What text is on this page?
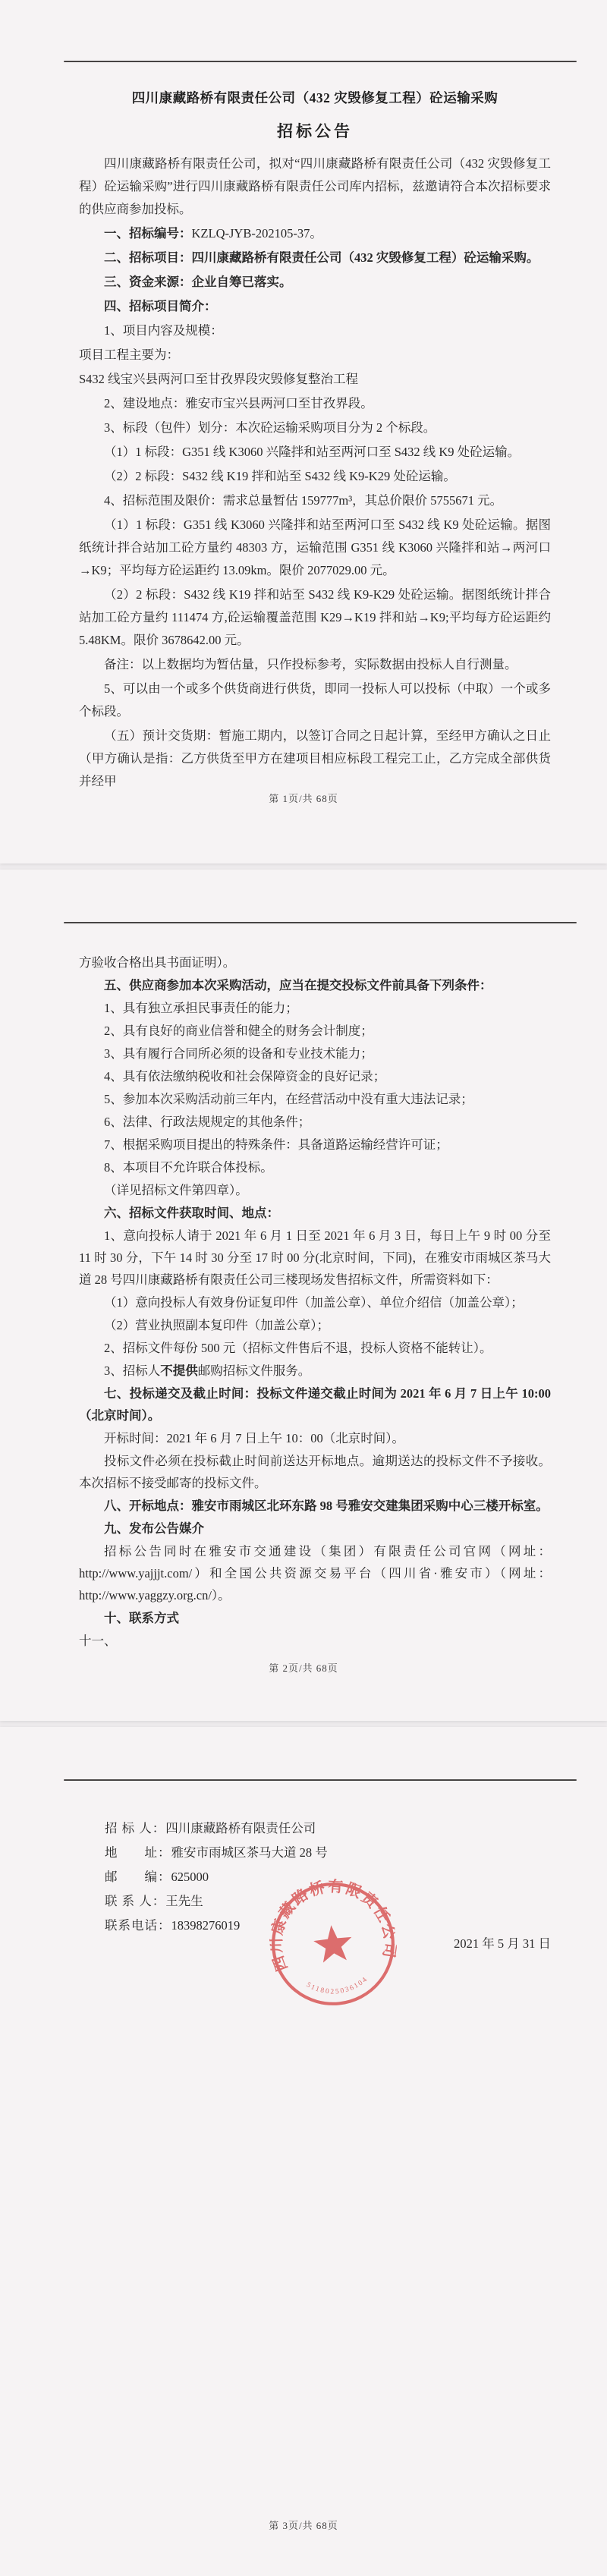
四川康藏路桥有限责任公司（432 灾毁修复工程）砼运输采购
招标公告

四川康藏路桥有限责任公司，拟对“四川康藏路桥有限责任公司（432 灾毁修复工程）砼运输采购”进行四川康藏路桥有限责任公司库内招标，兹邀请符合本次招标要求的供应商参加投标。

一、招标编号：KZLQ-JYB-202105-37。

二、招标项目：四川康藏路桥有限责任公司（432 灾毁修复工程）砼运输采购。

三、资金来源：企业自筹已落实。

四、招标项目简介：

1、项目内容及规模：

项目工程主要为：

S432 线宝兴县两河口至甘孜界段灾毁修复整治工程

2、建设地点：雅安市宝兴县两河口至甘孜界段。

3、标段（包件）划分：本次砼运输采购项目分为 2 个标段。

（1）1 标段：G351 线 K3060 兴隆拌和站至两河口至 S432 线 K9 处砼运输。

（2）2 标段：S432 线 K19 拌和站至 S432 线 K9-K29 处砼运输。

4、招标范围及限价：需求总量暂估 159777m³，其总价限价 5755671 元。

（1）1 标段：G351 线 K3060 兴隆拌和站至两河口至 S432 线 K9 处砼运输。据图纸统计拌合站加工砼方量约 48303 方，运输范围 G351 线 K3060 兴隆拌和站→两河口→K9；平均每方砼运距约 13.09km。限价 2077029.00 元。

（2）2 标段：S432 线 K19 拌和站至 S432 线 K9-K29 处砼运输。据图纸统计拌合站加工砼方量约 111474 方,砼运输覆盖范围 K29→K19 拌和站→K9;平均每方砼运距约 5.48KM。限价 3678642.00 元。

备注：以上数据均为暂估量，只作投标参考，实际数据由投标人自行测量。

5、可以由一个或多个供货商进行供货，即同一投标人可以投标（中取）一个或多个标段。

（五）预计交货期：暂施工期内，以签订合同之日起计算，至经甲方确认之日止（甲方确认是指：乙方供货至甲方在建项目相应标段工程完工止，乙方完成全部供货并经甲

第 1页/共 68页

方验收合格出具书面证明）。

五、供应商参加本次采购活动，应当在提交投标文件前具备下列条件：

1、具有独立承担民事责任的能力；

2、具有良好的商业信誉和健全的财务会计制度；

3、具有履行合同所必须的设备和专业技术能力；

4、具有依法缴纳税收和社会保障资金的良好记录；

5、参加本次采购活动前三年内，在经营活动中没有重大违法记录；

6、法律、行政法规规定的其他条件；

7、根据采购项目提出的特殊条件：具备道路运输经营许可证；

8、本项目不允许联合体投标。

（详见招标文件第四章）。

六、招标文件获取时间、地点：

1、意向投标人请于 2021 年 6 月 1 日至 2021 年 6 月 3 日，每日上午 9 时 00 分至 11 时 30 分，下午 14 时 30 分至 17 时 00 分(北京时间，下同)，在雅安市雨城区茶马大道 28 号四川康藏路桥有限责任公司三楼现场发售招标文件，所需资料如下：

（1）意向投标人有效身份证复印件（加盖公章）、单位介绍信（加盖公章）；

（2）营业执照副本复印件（加盖公章）；

2、招标文件每份 500 元（招标文件售后不退，投标人资格不能转让）。

3、招标人不提供邮购招标文件服务。

七、投标递交及截止时间：投标文件递交截止时间为 2021 年 6 月 7 日上午 10:00（北京时间）。

开标时间：2021 年 6 月 7 日上午 10：00（北京时间）。

投标文件必须在投标截止时间前送达开标地点。逾期送达的投标文件不予接收。本次招标不接受邮寄的投标文件。

八、开标地点：雅安市雨城区北环东路 98 号雅安交建集团采购中心三楼开标室。

九、发布公告媒介

招标公告同时在雅安市交通建设（集团）有限责任公司官网（网址：http://www.yajjjt.com/）和全国公共资源交易平台（四川省·雅安市）（网址：http://www.yaggzy.org.cn/）。

十、联系方式

十一、

第 2页/共 68页
招 标 人：四川康藏路桥有限责任公司
地　　址：雅安市雨城区茶马大道 28 号
邮　　编：625000
联 系 人：王先生
联系电话：18398276019
四川康藏路桥有限责任公司
5118025036104
2021 年 5 月 31 日
第 3页/共 68页
